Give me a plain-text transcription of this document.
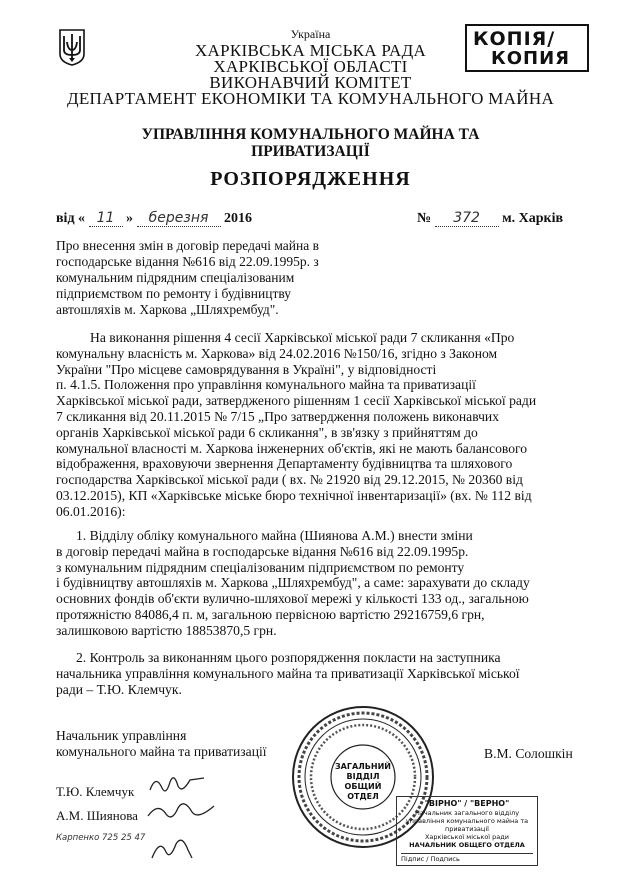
Україна
ХАРКІВСЬКА МІСЬКА РАДА
ХАРКІВСЬКОЇ ОБЛАСТІ
ВИКОНАВЧИЙ КОМІТЕТ
ДЕПАРТАМЕНТ ЕКОНОМІКИ ТА КОМУНАЛЬНОГО МАЙНА
КОПІЯ/
КОПИЯ
УПРАВЛІННЯ КОМУНАЛЬНОГО МАЙНА ТА
ПРИВАТИЗАЦІЇ
РОЗПОРЯДЖЕННЯ
від « 11 » березня 2016	№ 372 м. Харків
Про внесення змін в договір передачі майна в
господарське відання №616 від 22.09.1995р. з
комунальним підрядним спеціалізованим
підприємством по ремонту і будівництву
автошляхів м. Харкова „Шляхрембуд".
На виконання рішення 4 сесії Харківської міської ради 7 скликання «Про
комунальну власність м. Харкова» від 24.02.2016 №150/16, згідно з Законом
України "Про місцеве самоврядування в Україні", у відповідності
п. 4.1.5. Положення про управління комунального майна та приватизації
Харківської міської ради, затвердженого рішенням 1 сесії Харківської міської ради
7 скликання від 20.11.2015 № 7/15 „Про затвердження положень виконавчих
органів Харківської міської ради 6 скликання", в зв'язку з прийняттям до
комунальної власності м. Харкова інженерних об'єктів, які не мають балансового
відображення, враховуючи звернення Департаменту будівництва та шляхового
господарства Харківської міської ради ( вх. № 21920 від 29.12.2015, № 20360 від
03.12.2015), КП «Харківське міське бюро технічної інвентаризації» (вх. № 112 від
06.01.2016):
1. Відділу обліку комунального майна (Шиянова А.М.) внести зміни
в договір передачі майна в господарське відання №616 від 22.09.1995р.
з комунальним підрядним спеціалізованим підприємством по ремонту
і будівництву автошляхів м. Харкова „Шляхрембуд", а саме: зарахувати до складу
основних фондів об'єкти вулично-шляхової мережі у кількості 133 од., загальною
протяжністю 84086,4 п. м, загальною первісною вартістю 29216759,6 грн,
залишковою вартістю 18853870,5 грн.
2. Контроль за виконанням цього розпорядження покласти на заступника
начальника управління комунального майна та приватизації Харківської міської
ради – Т.Ю. Клемчук.
Начальник управління
комунального майна та приватизації	В.М. Солошкін
Т.Ю. Клемчук
А.М. Шиянова
Карпенко 725 25 47
ЗАГАЛЬНИЙ
ВІДДІЛ
ОБЩИЙ ОТДЕЛ
"ВІРНО" / "ВЕРНО"
Начальник загального відділу
управління комунального майна та приватизації
Харківської міської ради
НАЧАЛЬНИК ОБЩЕГО ОТДЕЛА
Підпис / Подпись
